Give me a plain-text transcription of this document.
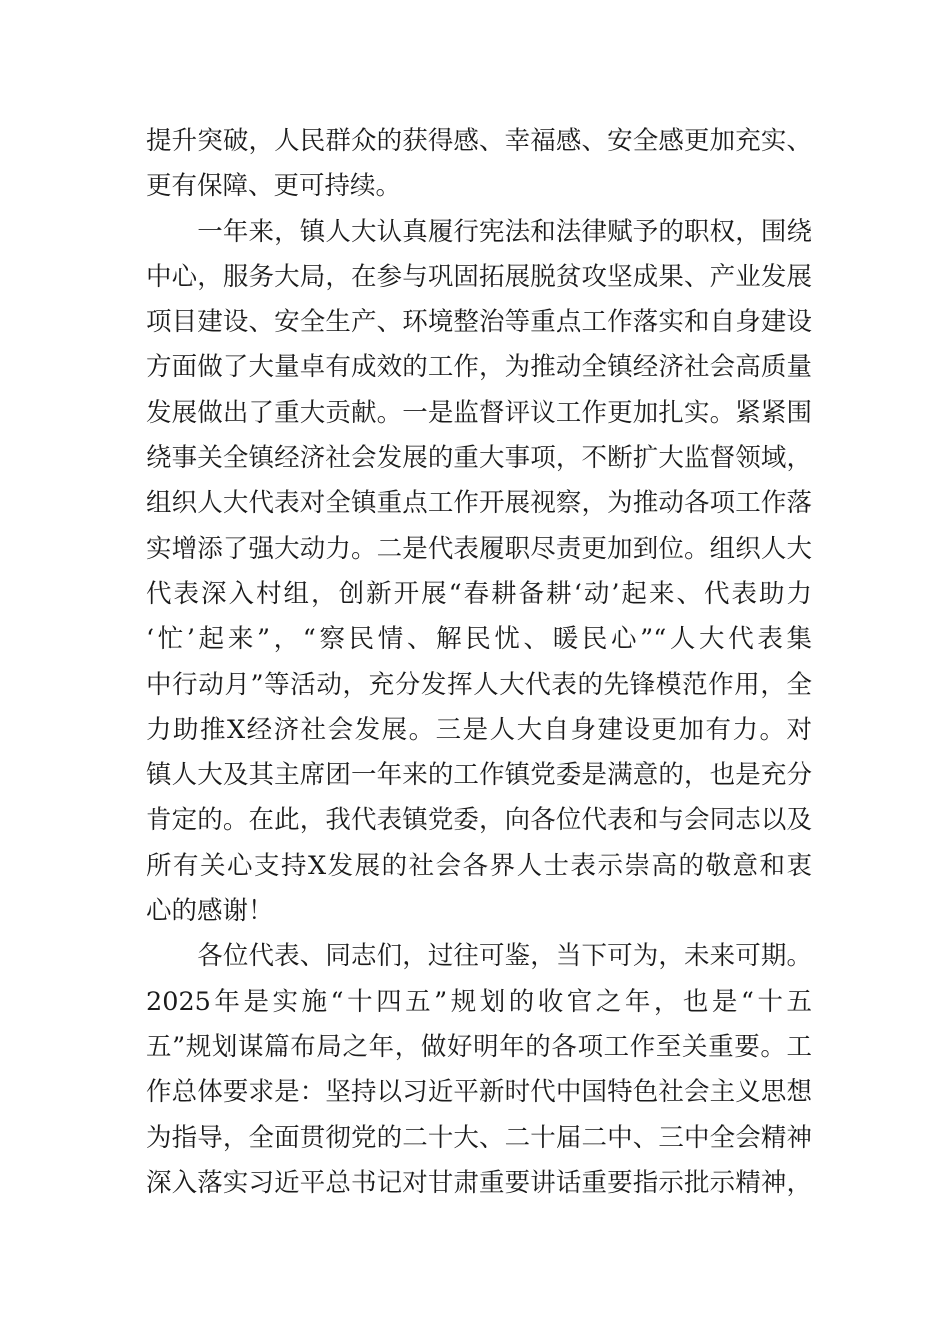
提升突破，人民群众的获得感、幸福感、安全感更加充实、
更有保障、更可持续。
　　一年来，镇人大认真履行宪法和法律赋予的职权，围绕
中心，服务大局，在参与巩固拓展脱贫攻坚成果、产业发展
项目建设、安全生产、环境整治等重点工作落实和自身建设
方面做了大量卓有成效的工作，为推动全镇经济社会高质量
发展做出了重大贡献。一是监督评议工作更加扎实。紧紧围
绕事关全镇经济社会发展的重大事项，不断扩大监督领域，
组织人大代表对全镇重点工作开展视察，为推动各项工作落
实增添了强大动力。二是代表履职尽责更加到位。组织人大
代表深入村组，创新开展“春耕备耕‘动’起来、代表助力
‘忙’起来”，“察民情、解民忧、暖民心”“人大代表集
中行动月”等活动，充分发挥人大代表的先锋模范作用，全
力助推X经济社会发展。三是人大自身建设更加有力。对
镇人大及其主席团一年来的工作镇党委是满意的，也是充分
肯定的。在此，我代表镇党委，向各位代表和与会同志以及
所有关心支持X发展的社会各界人士表示崇高的敬意和衷
心的感谢！
　　各位代表、同志们，过往可鉴，当下可为，未来可期。
2025年是实施“十四五”规划的收官之年，也是“十五
五”规划谋篇布局之年，做好明年的各项工作至关重要。工
作总体要求是：坚持以习近平新时代中国特色社会主义思想
为指导，全面贯彻党的二十大、二十届二中、三中全会精神
深入落实习近平总书记对甘肃重要讲话重要指示批示精神，
